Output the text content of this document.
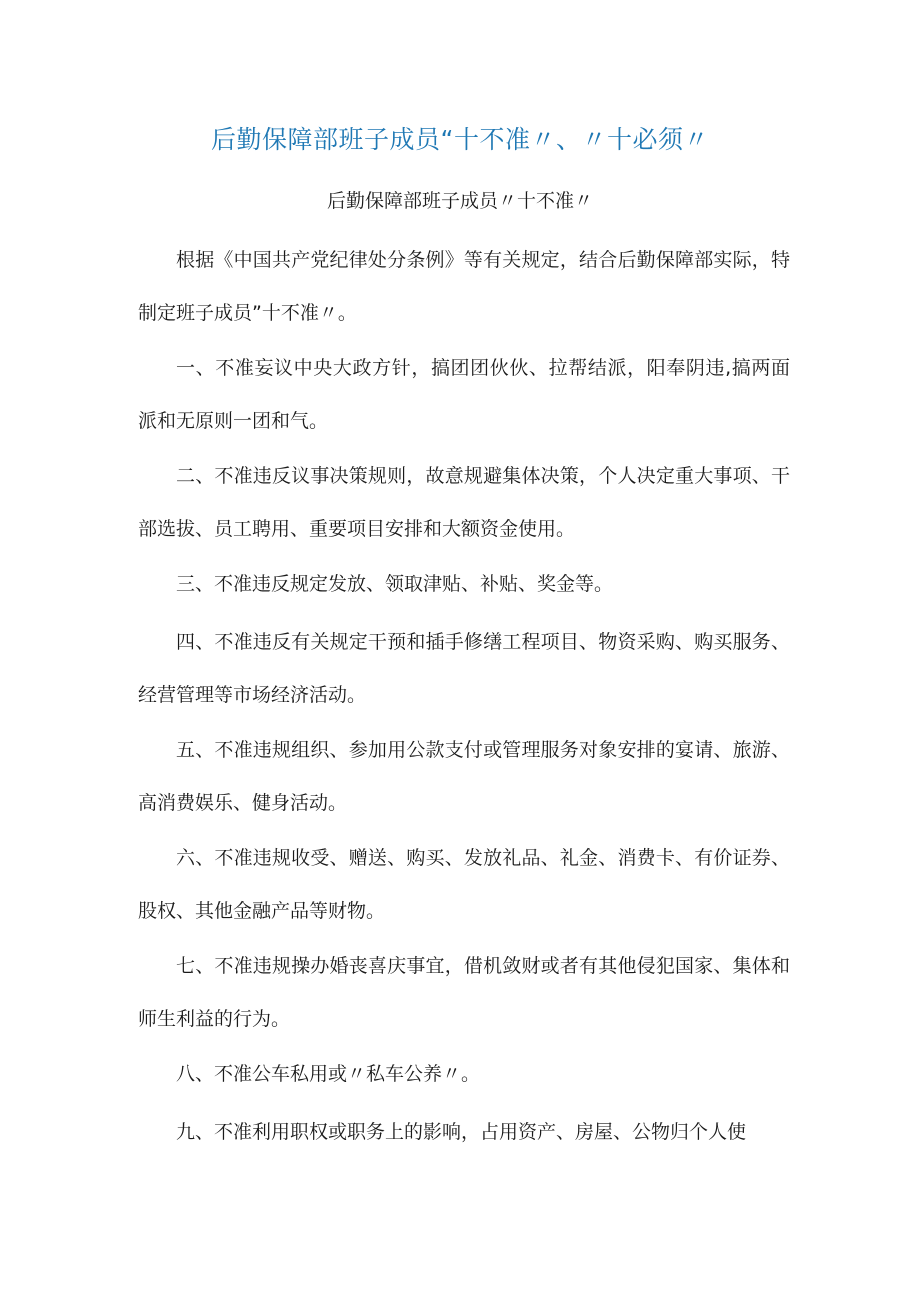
后勤保障部班子成员“十不准〃、〃十必须〃
后勤保障部班子成员〃十不准〃

根据《中国共产党纪律处分条例》等有关规定，结合后勤保障部实际，特制定班子成员”十不准〃。

一、不准妄议中央大政方针，搞团团伙伙、拉帮结派，阳奉阴违,搞两面派和无原则一团和气。

二、不准违反议事决策规则，故意规避集体决策，个人决定重大事项、干部选拔、员工聘用、重要项目安排和大额资金使用。

三、不准违反规定发放、领取津贴、补贴、奖金等。

四、不准违反有关规定干预和插手修缮工程项目、物资采购、购买服务、经营管理等市场经济活动。

五、不准违规组织、参加用公款支付或管理服务对象安排的宴请、旅游、高消费娱乐、健身活动。

六、不准违规收受、赠送、购买、发放礼品、礼金、消费卡、有价证券、股权、其他金融产品等财物。

七、不准违规操办婚丧喜庆事宜，借机敛财或者有其他侵犯国家、集体和师生利益的行为。

八、不准公车私用或〃私车公养〃。

九、不准利用职权或职务上的影响，占用资产、房屋、公物归个人使
